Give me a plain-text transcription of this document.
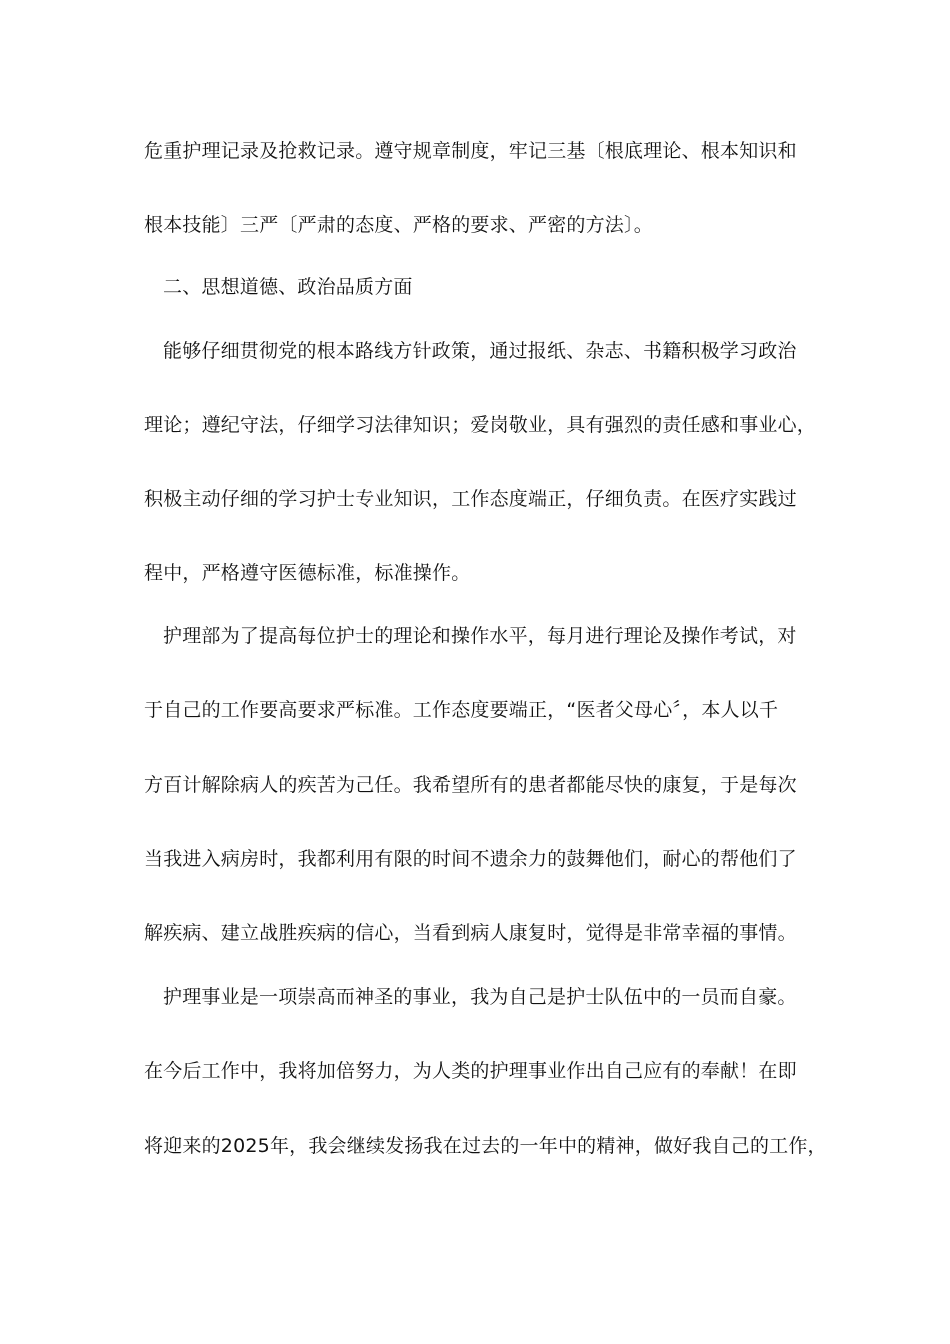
危重护理记录及抢救记录。遵守规章制度，牢记三基〔根底理论、根本知识和
根本技能〕三严〔严肃的态度、严格的要求、严密的方法〕。
二、思想道德、政治品质方面
能够仔细贯彻党的根本路线方针政策，通过报纸、杂志、书籍积极学习政治
理论；遵纪守法，仔细学习法律知识；爱岗敬业，具有强烈的责任感和事业心，
积极主动仔细的学习护士专业知识，工作态度端正，仔细负责。在医疗实践过
程中，严格遵守医德标准，标准操作。
护理部为了提高每位护士的理论和操作水平，每月进行理论及操作考试，对
于自己的工作要高要求严标准。工作态度要端正，“医者父母心〞，本人以千
方百计解除病人的疾苦为己任。我希望所有的患者都能尽快的康复，于是每次
当我进入病房时，我都利用有限的时间不遗余力的鼓舞他们，耐心的帮他们了
解疾病、建立战胜疾病的信心，当看到病人康复时，觉得是非常幸福的事情。
护理事业是一项崇高而神圣的事业，我为自己是护士队伍中的一员而自豪。
在今后工作中，我将加倍努力，为人类的护理事业作出自己应有的奉献！在即
将迎来的2025年，我会继续发扬我在过去的一年中的精神，做好我自己的工作，
